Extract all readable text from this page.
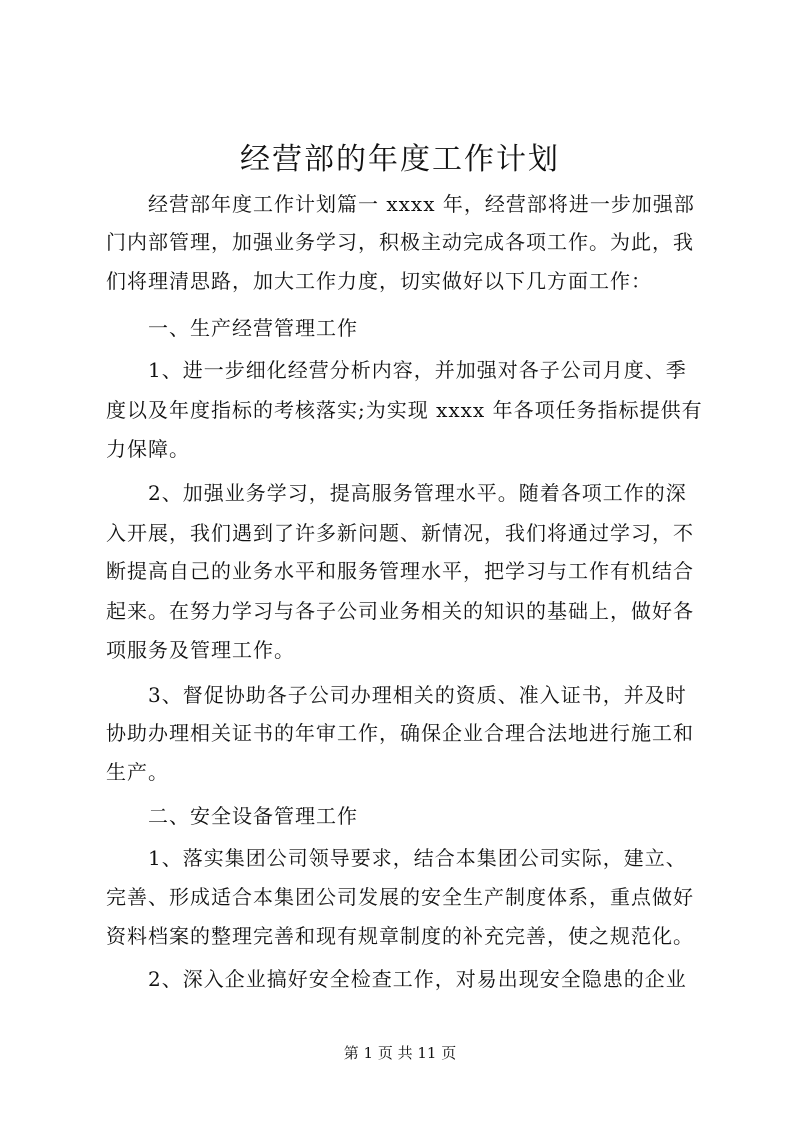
经营部的年度工作计划
经营部年度工作计划篇一 xxxx 年，经营部将进一步加强部
门内部管理，加强业务学习，积极主动完成各项工作。为此，我
们将理清思路，加大工作力度，切实做好以下几方面工作：
一、生产经营管理工作
1、进一步细化经营分析内容，并加强对各子公司月度、季
度以及年度指标的考核落实;为实现 xxxx 年各项任务指标提供有
力保障。
2、加强业务学习，提高服务管理水平。随着各项工作的深
入开展，我们遇到了许多新问题、新情况，我们将通过学习，不
断提高自己的业务水平和服务管理水平，把学习与工作有机结合
起来。在努力学习与各子公司业务相关的知识的基础上，做好各
项服务及管理工作。
3、督促协助各子公司办理相关的资质、准入证书，并及时
协助办理相关证书的年审工作，确保企业合理合法地进行施工和
生产。
二、安全设备管理工作
1、落实集团公司领导要求，结合本集团公司实际，建立、
完善、形成适合本集团公司发展的安全生产制度体系，重点做好
资料档案的整理完善和现有规章制度的补充完善，使之规范化。
2、深入企业搞好安全检查工作，对易出现安全隐患的企业
第 1 页 共 11 页
